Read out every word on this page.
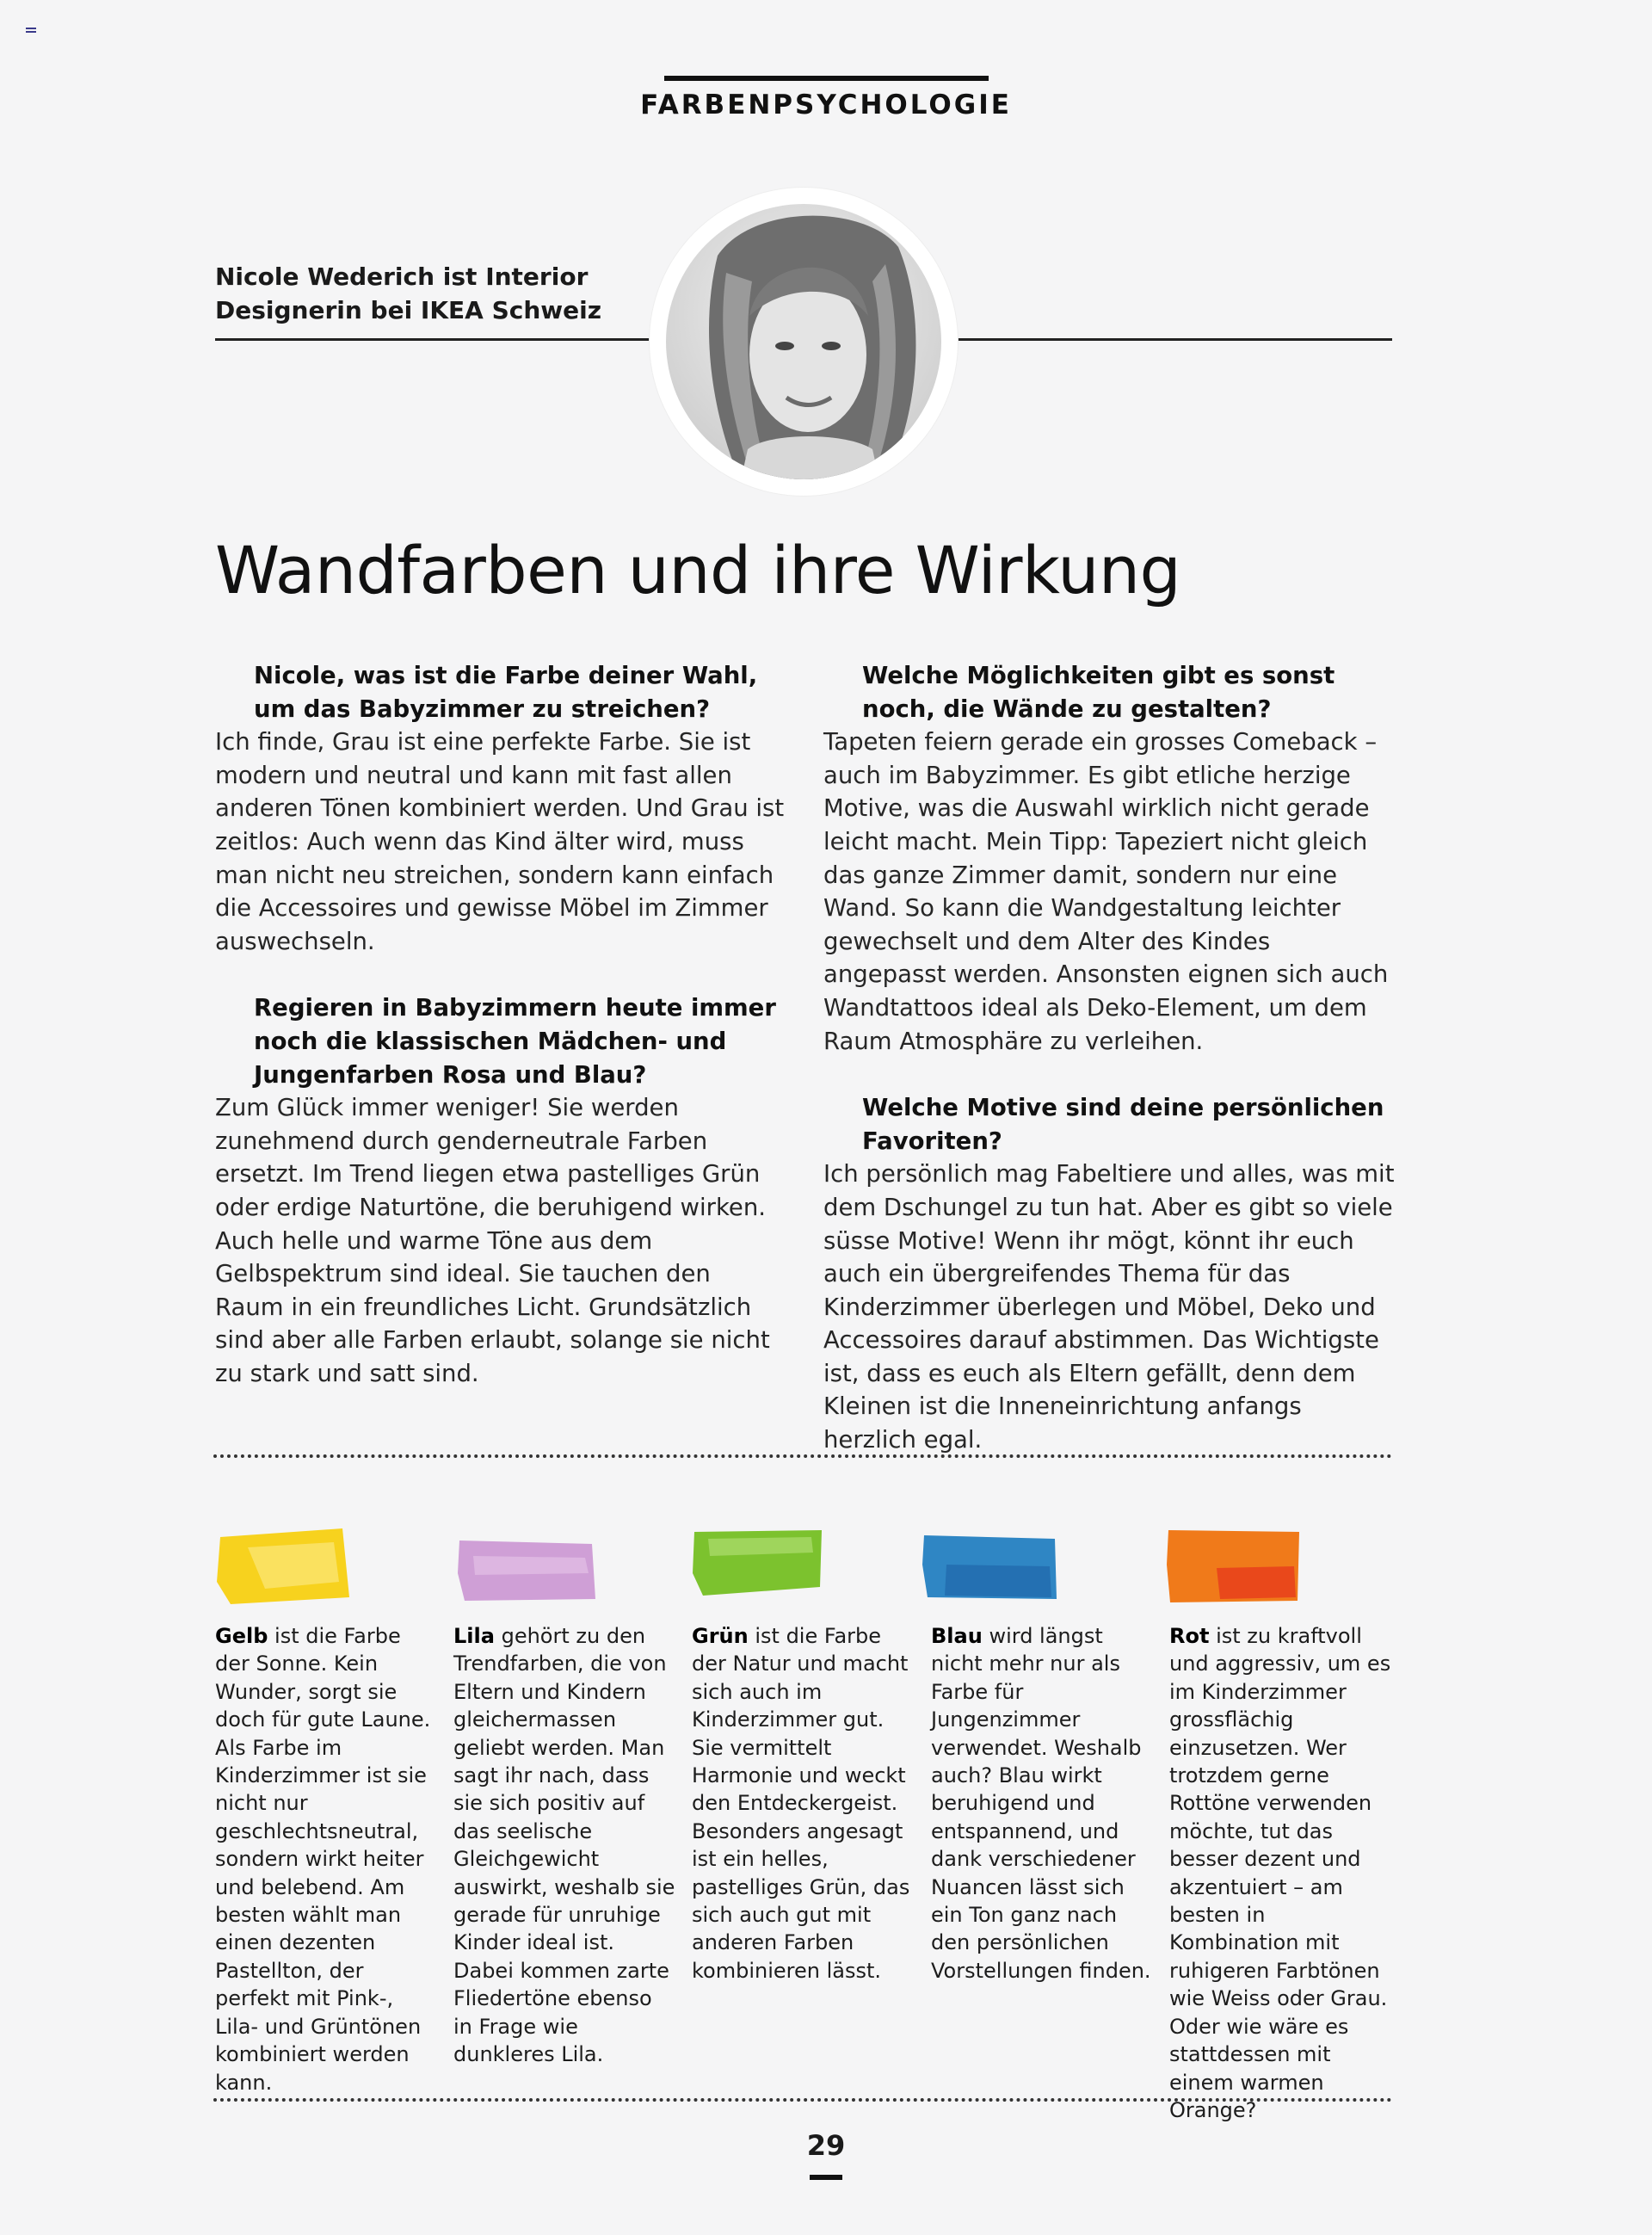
FARBENPSYCHOLOGIE
Nicole Wederich ist Interior
Designerin bei IKEA Schweiz
Wandfarben und ihre Wirkung
Nicole, was ist die Farbe deiner Wahl, um das Babyzimmer zu streichen?

Ich finde, Grau ist eine perfekte Farbe. Sie ist modern und neutral und kann mit fast allen anderen Tönen kombiniert werden. Und Grau ist zeitlos: Auch wenn das Kind älter wird, muss man nicht neu streichen, sondern kann einfach die Accessoires und gewisse Möbel im Zimmer auswechseln.

Regieren in Babyzimmern heute immer noch die klassischen Mädchen- und Jungenfarben Rosa und Blau?

Zum Glück immer weniger! Sie werden zunehmend durch genderneutrale Farben ersetzt. Im Trend liegen etwa pastelliges Grün oder erdige Naturtöne, die beruhigend wirken. Auch helle und warme Töne aus dem Gelbspektrum sind ideal. Sie tauchen den Raum in ein freundliches Licht. Grundsätzlich sind aber alle Farben erlaubt, solange sie nicht zu stark und satt sind.

Welche Möglichkeiten gibt es sonst noch, die Wände zu gestalten?

Tapeten feiern gerade ein grosses Comeback – auch im Babyzimmer. Es gibt etliche herzige Motive, was die Auswahl wirklich nicht gerade leicht macht. Mein Tipp: Tapeziert nicht gleich das ganze Zimmer damit, sondern nur eine Wand. So kann die Wandgestaltung leichter gewechselt und dem Alter des Kindes angepasst werden. Ansonsten eignen sich auch Wandtattoos ideal als Deko-Element, um dem Raum Atmosphäre zu verleihen.

Welche Motive sind deine persönlichen Favoriten?

Ich persönlich mag Fabeltiere und alles, was mit dem Dschungel zu tun hat. Aber es gibt so viele süsse Motive! Wenn ihr mögt, könnt ihr euch auch ein übergreifendes Thema für das Kinderzimmer überlegen und Möbel, Deko und Accessoires darauf abstimmen. Das Wichtigste ist, dass es euch als Eltern gefällt, denn dem Kleinen ist die Inneneinrichtung anfangs herzlich egal.

Gelb ist die Farbe der Sonne. Kein Wunder, sorgt sie doch für gute Laune. Als Farbe im Kinderzimmer ist sie nicht nur geschlechtsneutral, sondern wirkt heiter und belebend. Am besten wählt man einen dezenten Pastellton, der perfekt mit Pink-, Lila- und Grüntönen kombiniert werden kann.
Lila gehört zu den Trendfarben, die von Eltern und Kindern gleichermassen geliebt werden. Man sagt ihr nach, dass sie sich positiv auf das seelische Gleichgewicht auswirkt, weshalb sie gerade für unruhige Kinder ideal ist. Dabei kommen zarte Fliedertöne ebenso in Frage wie dunkleres Lila.
Grün ist die Farbe der Natur und macht sich auch im Kinderzimmer gut. Sie vermittelt Harmonie und weckt den Entdeckergeist. Besonders angesagt ist ein helles, pastelliges Grün, das sich auch gut mit anderen Farben kombinieren lässt.
Blau wird längst nicht mehr nur als Farbe für Jungenzimmer verwendet. Weshalb auch? Blau wirkt beruhigend und entspannend, und dank verschiedener Nuancen lässt sich ein Ton ganz nach den persönlichen Vorstellungen finden.
Rot ist zu kraftvoll und aggressiv, um es im Kinderzimmer grossflächig einzusetzen. Wer trotzdem gerne Rottöne verwenden möchte, tut das besser dezent und akzentuiert – am besten in Kombination mit ruhigeren Farbtönen wie Weiss oder Grau. Oder wie wäre es stattdessen mit einem warmen Orange?
29
